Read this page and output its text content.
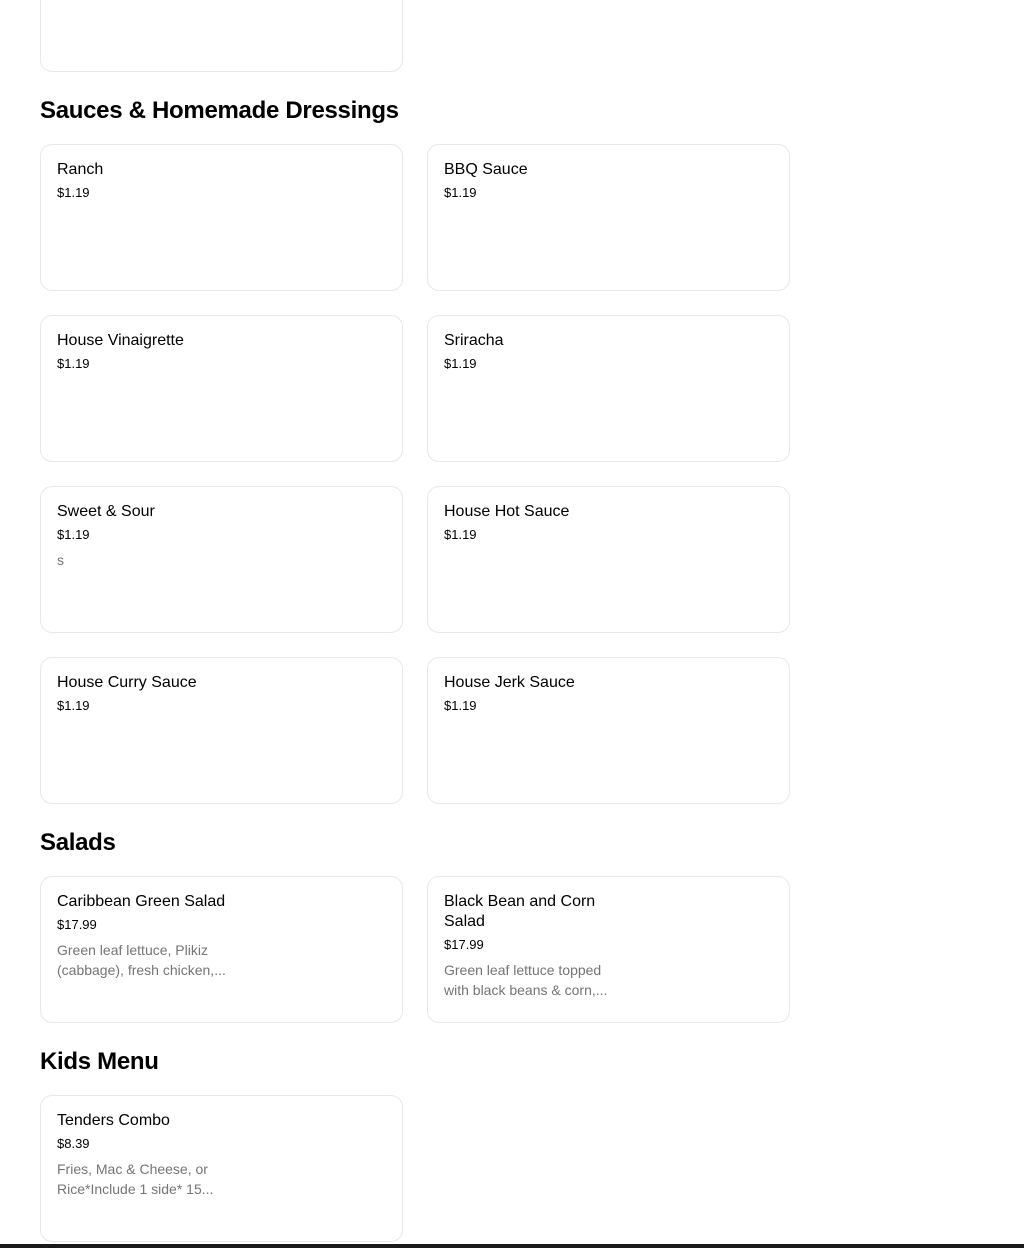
Sauces & Homemade Dressings
Ranch
$1.19
BBQ Sauce
$1.19
House Vinaigrette
$1.19
Sriracha
$1.19
Sweet & Sour
$1.19
s
House Hot Sauce
$1.19
House Curry Sauce
$1.19
House Jerk Sauce
$1.19
Salads
Caribbean Green Salad
$17.99
Green leaf lettuce, Plikiz (cabbage), fresh chicken,...
Black Bean and Corn Salad
$17.99
Green leaf lettuce topped with black beans & corn,...
Kids Menu
Tenders Combo
$8.39
Fries, Mac & Cheese, or Rice*Include 1 side* 15...
